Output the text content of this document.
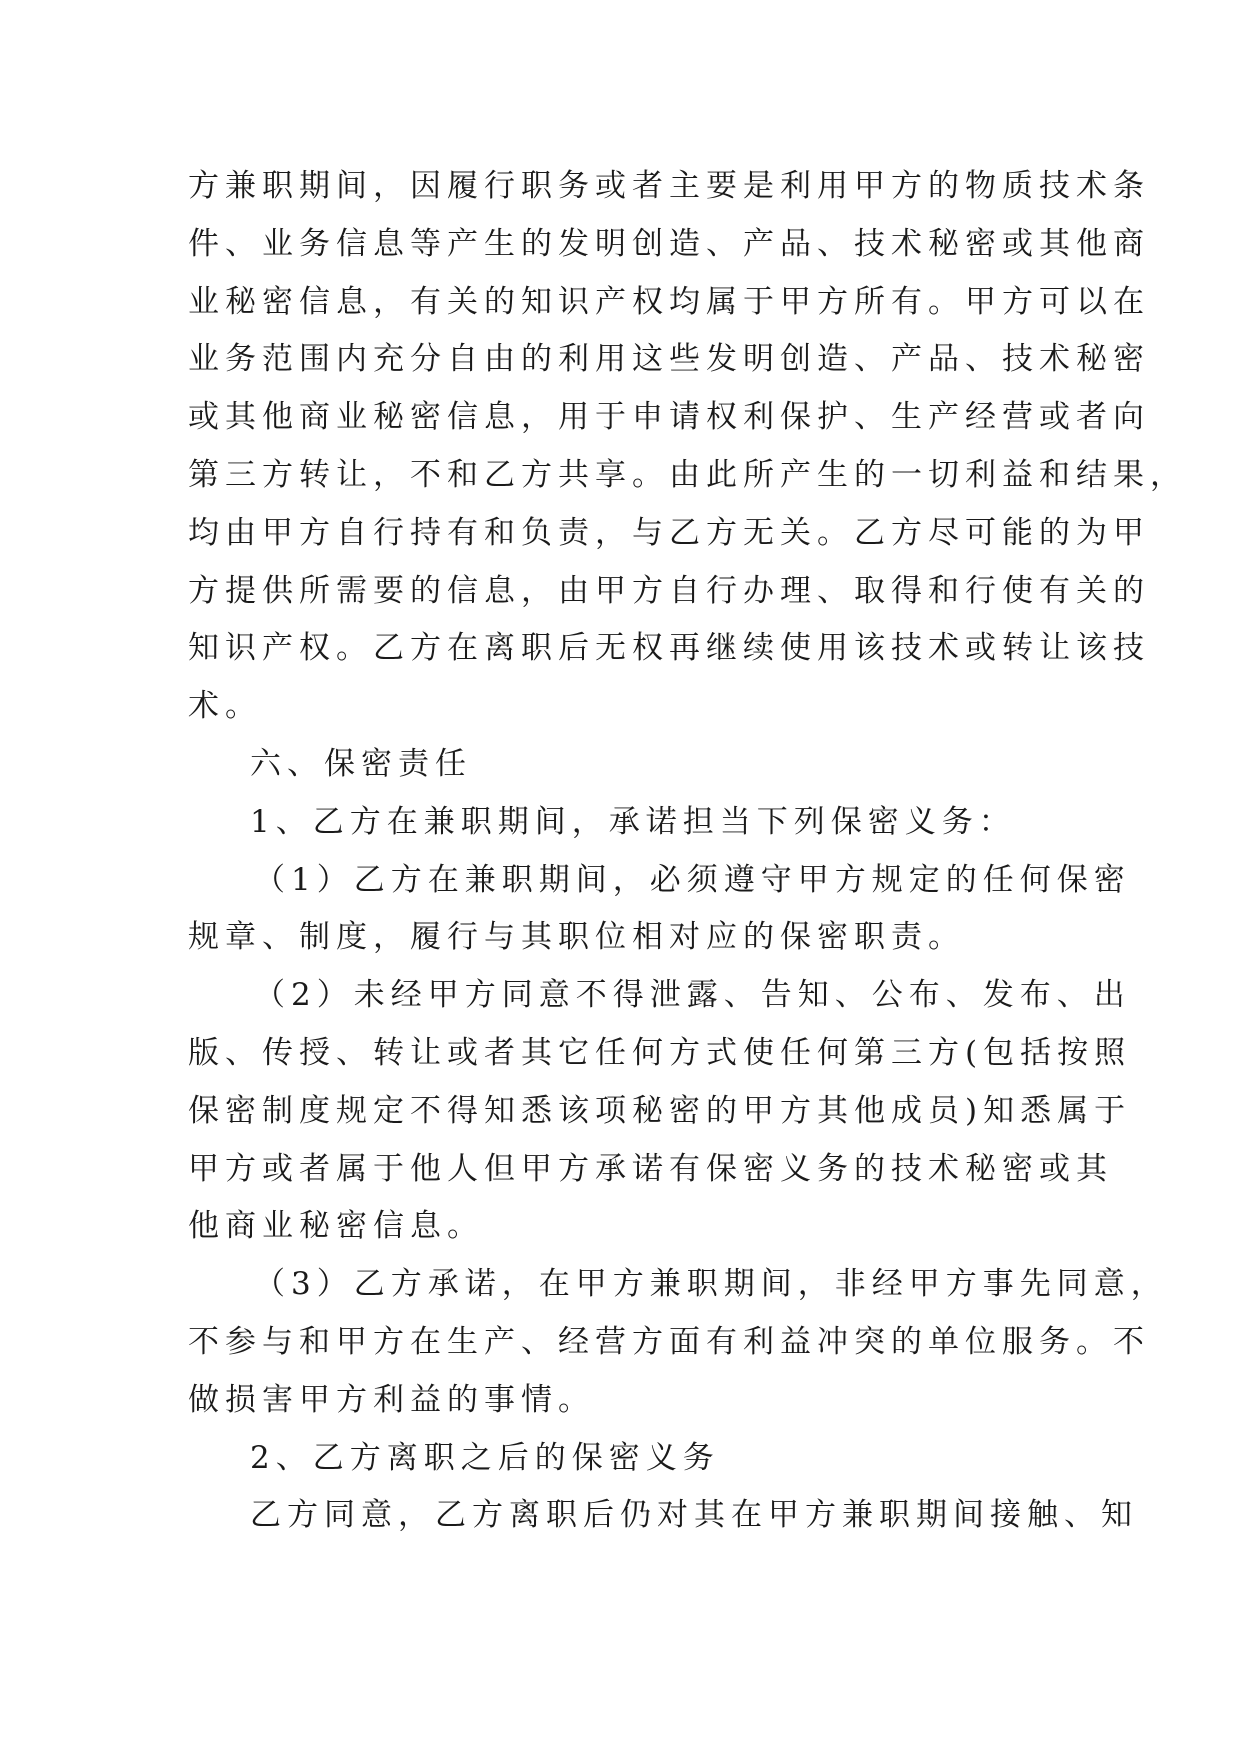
方兼职期间，因履行职务或者主要是利用甲方的物质技术条
件、业务信息等产生的发明创造、产品、技术秘密或其他商
业秘密信息，有关的知识产权均属于甲方所有。甲方可以在
业务范围内充分自由的利用这些发明创造、产品、技术秘密
或其他商业秘密信息，用于申请权利保护、生产经营或者向
第三方转让，不和乙方共享。由此所产生的一切利益和结果，
均由甲方自行持有和负责，与乙方无关。乙方尽可能的为甲
方提供所需要的信息，由甲方自行办理、取得和行使有关的
知识产权。乙方在离职后无权再继续使用该技术或转让该技
术。
六、保密责任
1、乙方在兼职期间，承诺担当下列保密义务：
（1）乙方在兼职期间，必须遵守甲方规定的任何保密
规章、制度，履行与其职位相对应的保密职责。
（2）未经甲方同意不得泄露、告知、公布、发布、出
版、传授、转让或者其它任何方式使任何第三方(包括按照
保密制度规定不得知悉该项秘密的甲方其他成员)知悉属于
甲方或者属于他人但甲方承诺有保密义务的技术秘密或其
他商业秘密信息。
（3）乙方承诺，在甲方兼职期间，非经甲方事先同意，
不参与和甲方在生产、经营方面有利益冲突的单位服务。不
做损害甲方利益的事情。
2、乙方离职之后的保密义务
乙方同意，乙方离职后仍对其在甲方兼职期间接触、知
